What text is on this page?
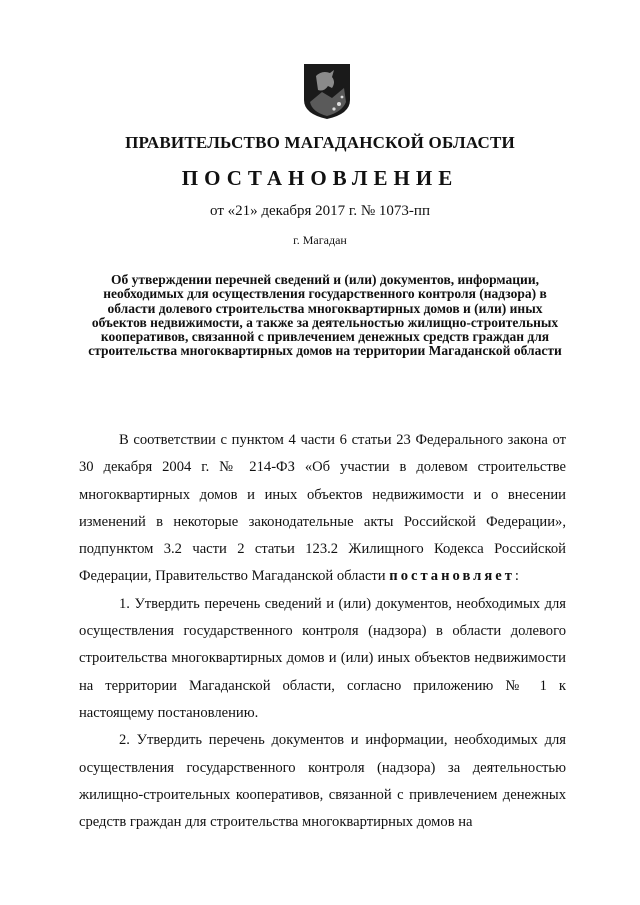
ПРАВИТЕЛЬСТВО МАГАДАНСКОЙ ОБЛАСТИ
ПОСТАНОВЛЕНИЕ
от «21» декабря 2017 г. № 1073-пп
г. Магадан
Об утверждении перечней сведений и (или) документов, информации, необходимых для осуществления государственного контроля (надзора) в области долевого строительства многоквартирных домов и (или) иных объектов недвижимости, а также за деятельностью жилищно-строительных кооперативов, связанной с привлечением денежных средств граждан для строительства многоквартирных домов на территории Магаданской области

В соответствии с пунктом 4 части 6 статьи 23 Федерального закона от 30 декабря 2004 г. № 214-ФЗ «Об участии в долевом строительстве многоквартирных домов и иных объектов недвижимости и о внесении изменений в некоторые законодательные акты Российской Федерации», подпунктом 3.2 части 2 статьи 123.2 Жилищного Кодекса Российской Федерации, Правительство Магаданской области постановляет:

1. Утвердить перечень сведений и (или) документов, необходимых для осуществления государственного контроля (надзора) в области долевого строительства многоквартирных домов и (или) иных объектов недвижимости на территории Магаданской области, согласно приложению № 1 к настоящему постановлению.

2. Утвердить перечень документов и информации, необходимых для осуществления государственного контроля (надзора) за деятельностью жилищно-строительных кооперативов, связанной с привлечением денежных средств граждан для строительства многоквартирных домов на
